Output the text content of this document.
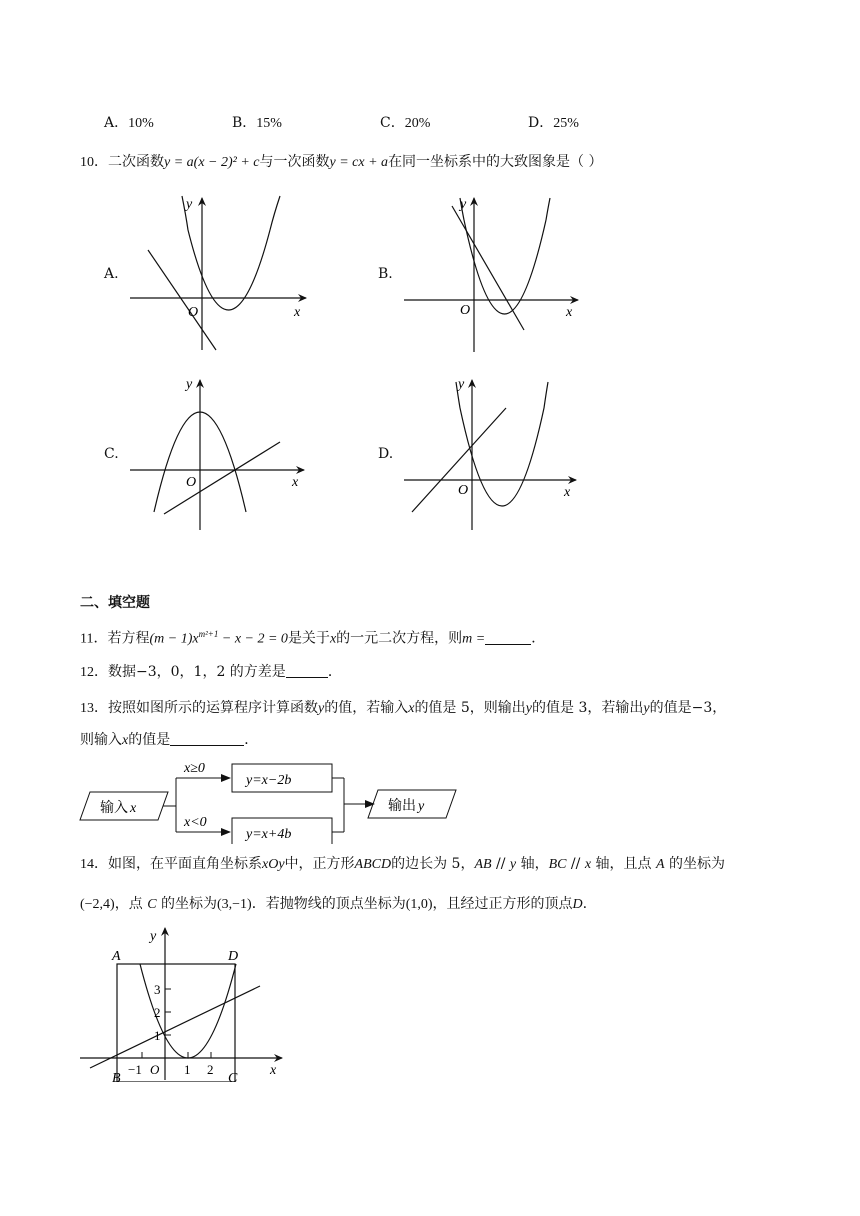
A．10%	B．15%	C．20%	D．25%
10．二次函数y = a(x − 2)² + c与一次函数y = cx + a在同一坐标系中的大致图象是（ ）
A.	B.
C.	D.
y
x
O
y
x
O
y
x
O
y
x
O
二、填空题
11．若方程$(m - 1)x^{m^2+1} - x - 2 = 0$是关于x的一元二次方程，则m =	．
12．数据−3，0，1，2 的方差是	．
13．按照如图所示的运算程序计算函数y的值，若输入x的值是 5，则输出y的值是 3，若输出y的值是−3，
则输入x的值是	．
输入 x
x≥0
x<0
y=x−2b
y=x+4b
输出 y
14．如图，在平面直角坐标系xOy中，正方形ABCD的边长为 5，AB // y 轴，BC // x 轴，且点 A 的坐标为
(−2,4)，点 C 的坐标为(3,−1)．若抛物线的顶点坐标为(1,0)，且经过正方形的顶点D.
A	D
B	C
y
x
O
−1	1 2
1
2
3
